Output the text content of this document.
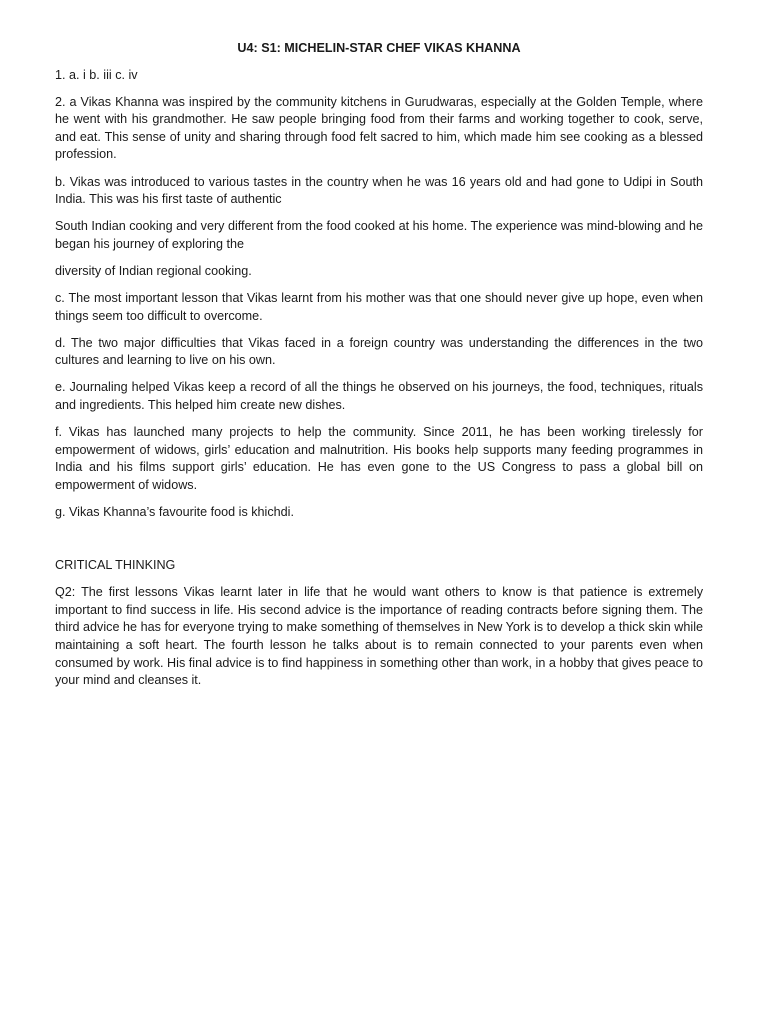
U4: S1: MICHELIN-STAR CHEF VIKAS KHANNA

1. a. i b. iii c. iv

2. a Vikas Khanna was inspired by the community kitchens in Gurudwaras, especially at the Golden Temple, where he went with his grandmother. He saw people bringing food from their farms and working together to cook, serve, and eat. This sense of unity and sharing through food felt sacred to him, which made him see cooking as a blessed profession.

b. Vikas was introduced to various tastes in the country when he was 16 years old and had gone to Udipi in South India. This was his first taste of authentic

South Indian cooking and very different from the food cooked at his home. The experience was mind-blowing and he began his journey of exploring the

diversity of Indian regional cooking.

c. The most important lesson that Vikas learnt from his mother was that one should never give up hope, even when things seem too difficult to overcome.

d. The two major difficulties that Vikas faced in a foreign country was understanding the differences in the two cultures and learning to live on his own.

e. Journaling helped Vikas keep a record of all the things he observed on his journeys, the food, techniques, rituals and ingredients. This helped him create new dishes.

f. Vikas has launched many projects to help the community. Since 2011, he has been working tirelessly for empowerment of widows, girls’ education and malnutrition. His books help supports many feeding programmes in India and his films support girls’ education. He has even gone to the US Congress to pass a global bill on empowerment of widows.

g. Vikas Khanna’s favourite food is khichdi.

CRITICAL THINKING

Q2: The first lessons Vikas learnt later in life that he would want others to know is that patience is extremely important to find success in life. His second advice is the importance of reading contracts before signing them. The third advice he has for everyone trying to make something of themselves in New York is to develop a thick skin while maintaining a soft heart. The fourth lesson he talks about is to remain connected to your parents even when consumed by work. His final advice is to find happiness in something other than work, in a hobby that gives peace to your mind and cleanses it.
